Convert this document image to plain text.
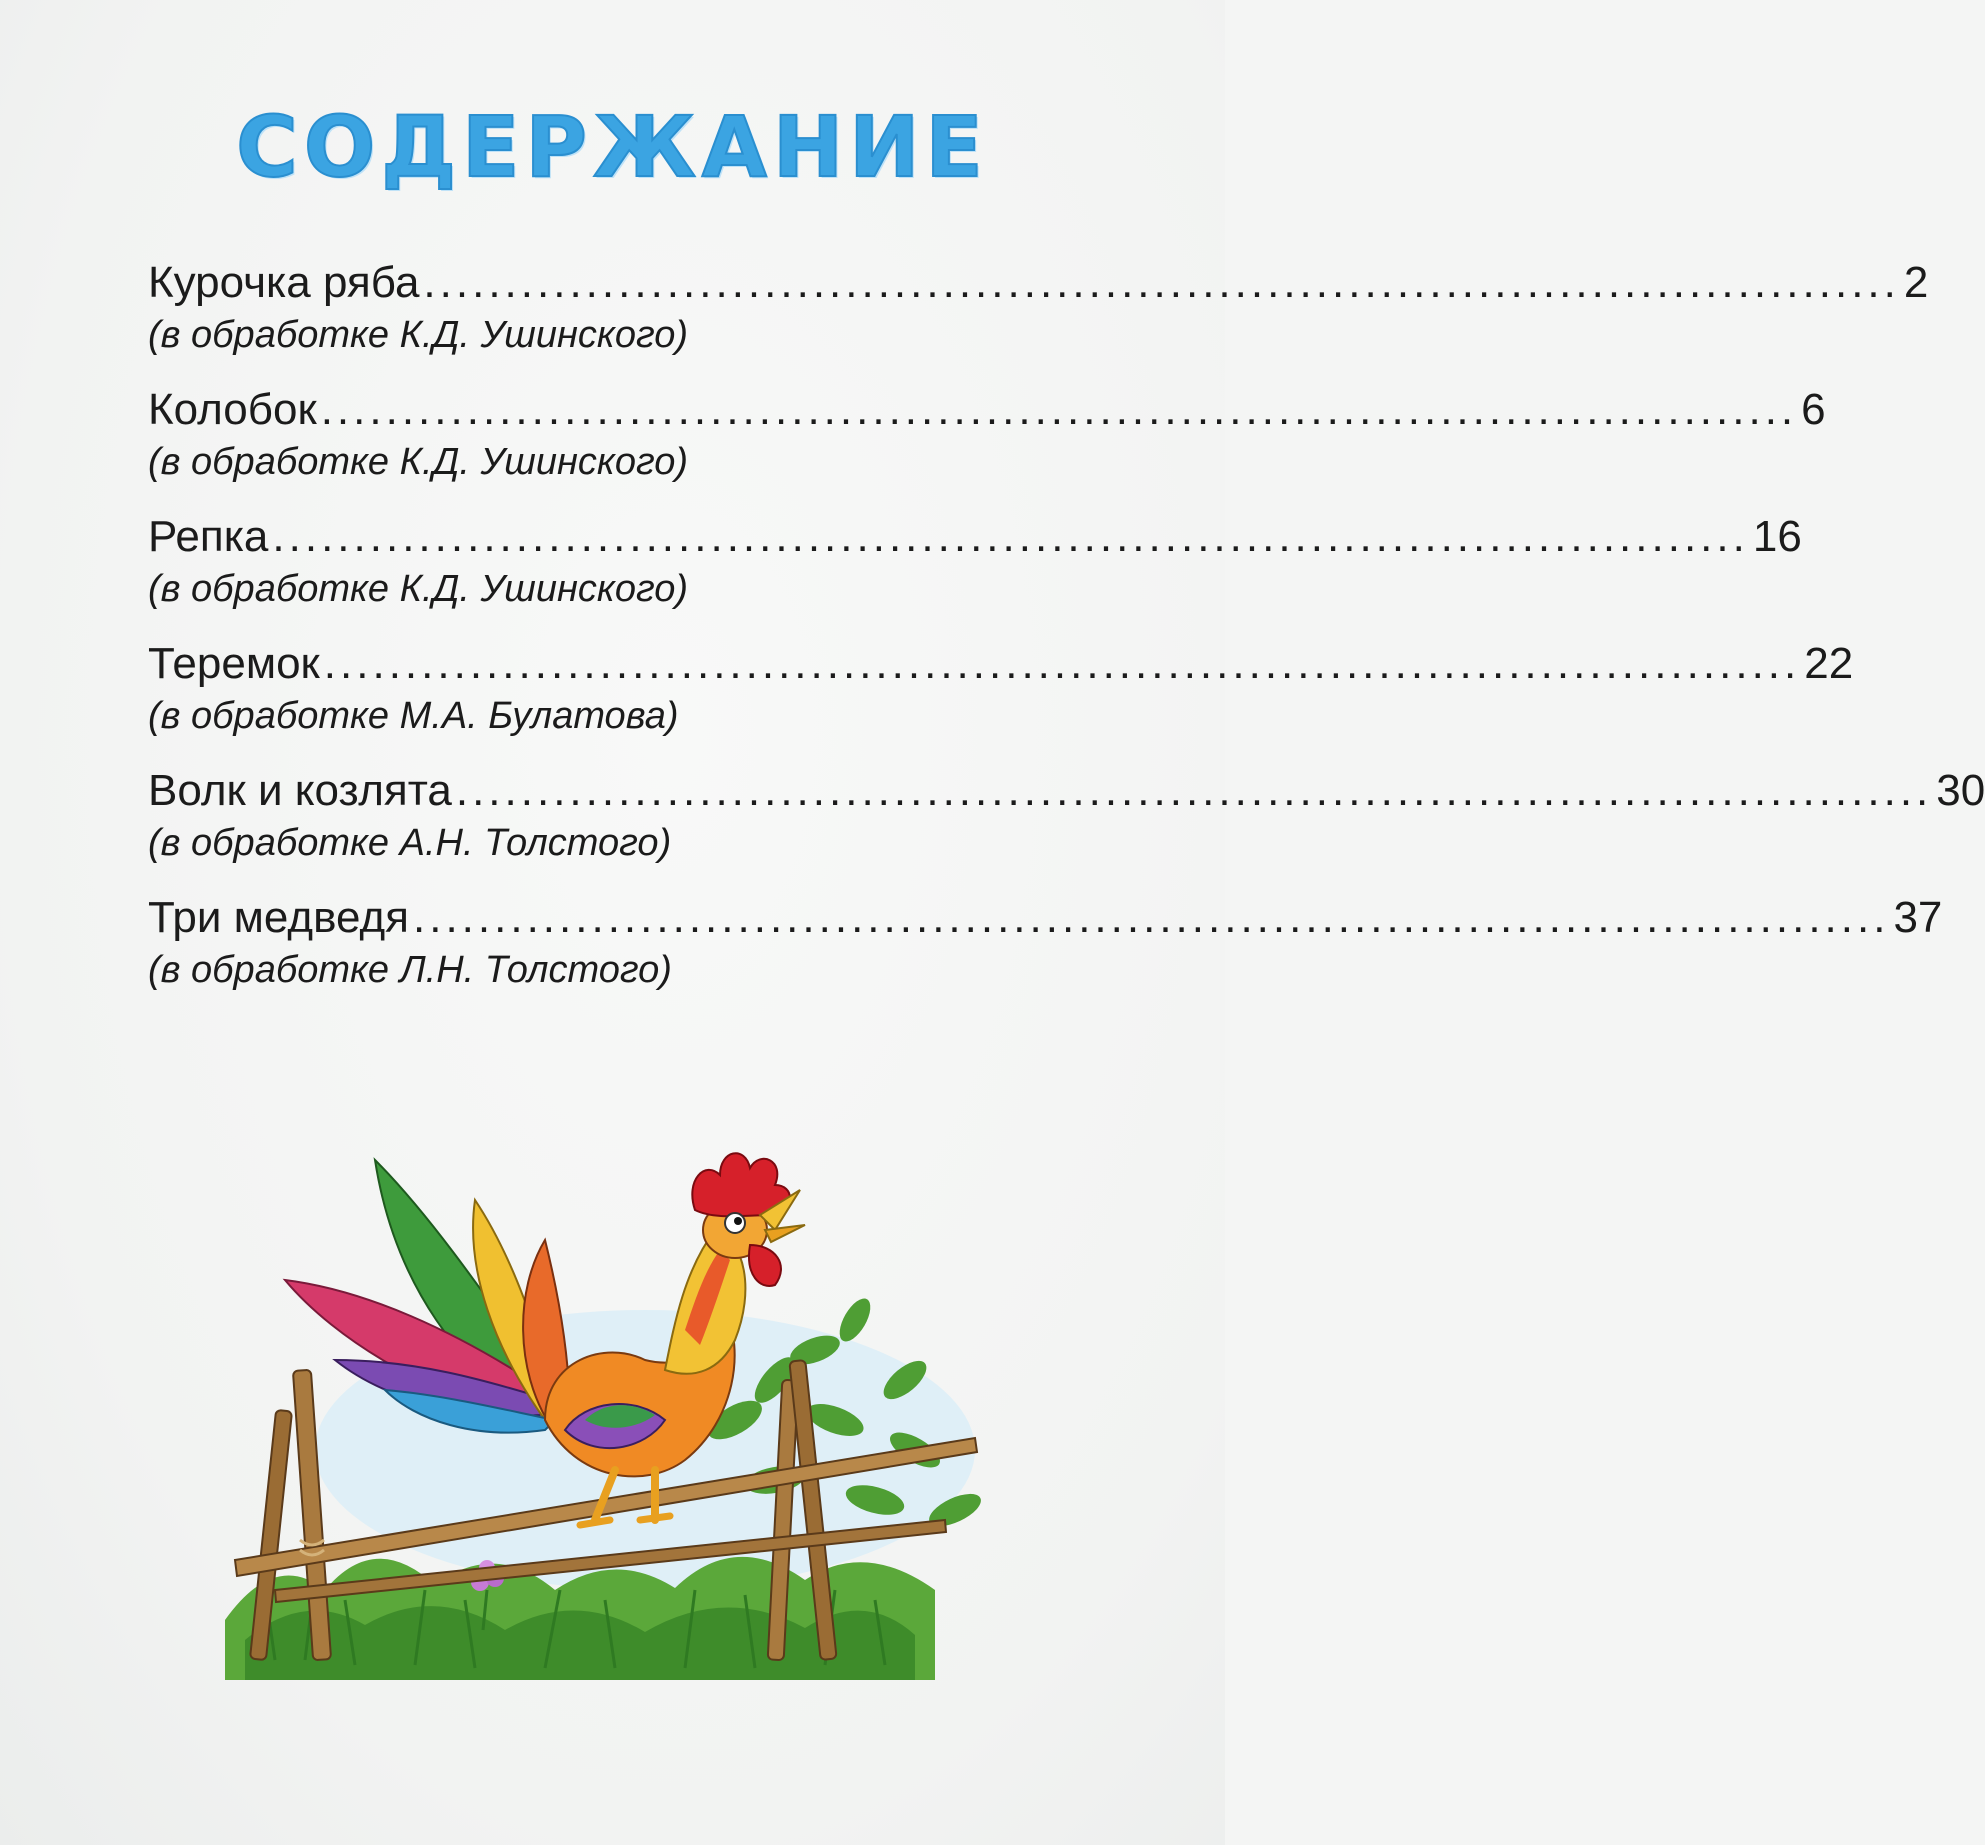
СОДЕРЖАНИЕ
Курочка ряба ........................................................................................... 2
(в обработке К.Д. Ушинского)
Колобок ........................................................................................... 6
(в обработке К.Д. Ушинского)
Репка ........................................................................................... 16
(в обработке К.Д. Ушинского)
Теремок ........................................................................................... 22
(в обработке М.А. Булатова)
Волк и козлята ........................................................................................... 30
(в обработке А.Н. Толстого)
Три медведя ........................................................................................... 37
(в обработке Л.Н. Толстого)
